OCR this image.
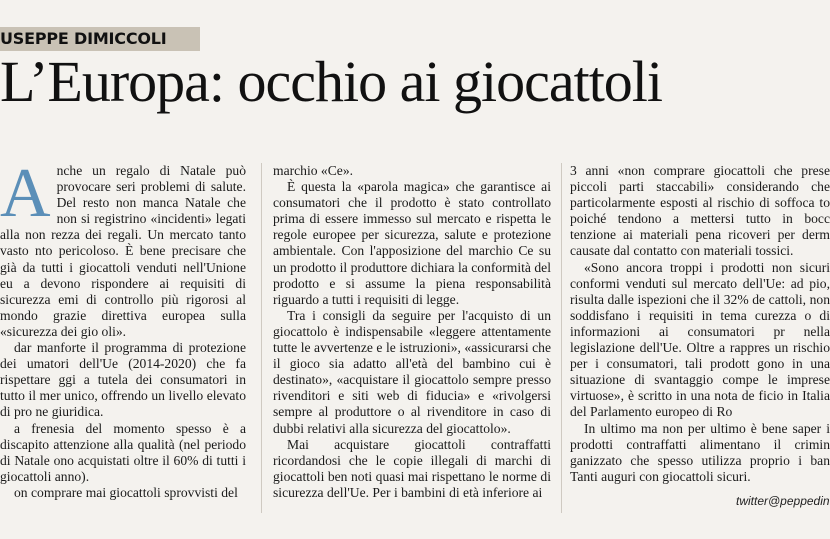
USEPPE DIMICCOLI
L’Europa: occhio ai giocattoli
A nche un regalo di Natale può provocare seri problemi di salute. Del resto non manca Natale che non si registrino «incidenti» legati alla non rezza dei regali. Un mercato tanto vasto nto pericoloso. È bene precisare che già da tutti i giocattoli venduti nell'Unione eu a devono rispondere ai requisiti di sicurezza emi di controllo più rigorosi al mondo grazie direttiva europea sulla «sicurezza dei gio oli».

dar manforte il programma di protezione dei umatori dell'Ue (2014-2020) che fa rispettare ggi a tutela dei consumatori in tutto il mer unico, offrendo un livello elevato di pro ne giuridica.

a frenesia del momento spesso è a discapito attenzione alla qualità (nel periodo di Natale ono acquistati oltre il 60% di tutti i giocattoli anno).

on comprare mai giocattoli sprovvisti del

marchio «Ce».

È questa la «parola magica» che garantisce ai consumatori che il prodotto è stato controllato prima di essere immesso sul mercato e rispetta le regole europee per sicurezza, salute e protezione ambientale. Con l'apposizione del marchio Ce su un prodotto il produttore dichiara la conformità del prodotto e si assume la piena responsabilità riguardo a tutti i requisiti di legge.

Tra i consigli da seguire per l'acquisto di un giocattolo è indispensabile «leggere attentamente tutte le avvertenze e le istruzioni», «assicurarsi che il gioco sia adatto all'età del bambino cui è destinato», «acquistare il giocattolo sempre presso rivenditori e siti web di fiducia» e «rivolgersi sempre al produttore o al rivenditore in caso di dubbi relativi alla sicurezza del giocattolo».

Mai acquistare giocattoli contraffatti ricordandosi che le copie illegali di marchi di giocattoli ben noti quasi mai rispettano le norme di sicurezza dell'Ue. Per i bambini di età inferiore ai

3 anni «non comprare giocattoli che prese piccoli parti staccabili» considerando che particolarmente esposti al rischio di soffoca to poiché tendono a mettersi tutto in bocc tenzione ai materiali pena ricoveri per derm causate dal contatto con materiali tossici.

«Sono ancora troppi i prodotti non sicuri conformi venduti sul mercato dell'Ue: ad pio, risulta dalle ispezioni che il 32% de cattoli, non soddisfano i requisiti in tema curezza o di informazioni ai consumatori pr nella legislazione dell'Ue. Oltre a rappres un rischio per i consumatori, tali prodott gono in una situazione di svantaggio compe le imprese virtuose», è scritto in una nota de ficio in Italia del Parlamento europeo di Ro

In ultimo ma non per ultimo è bene saper i prodotti contraffatti alimentano il crimin ganizzato che spesso utilizza proprio i ban Tanti auguri con giocattoli sicuri.

twitter@peppedin
